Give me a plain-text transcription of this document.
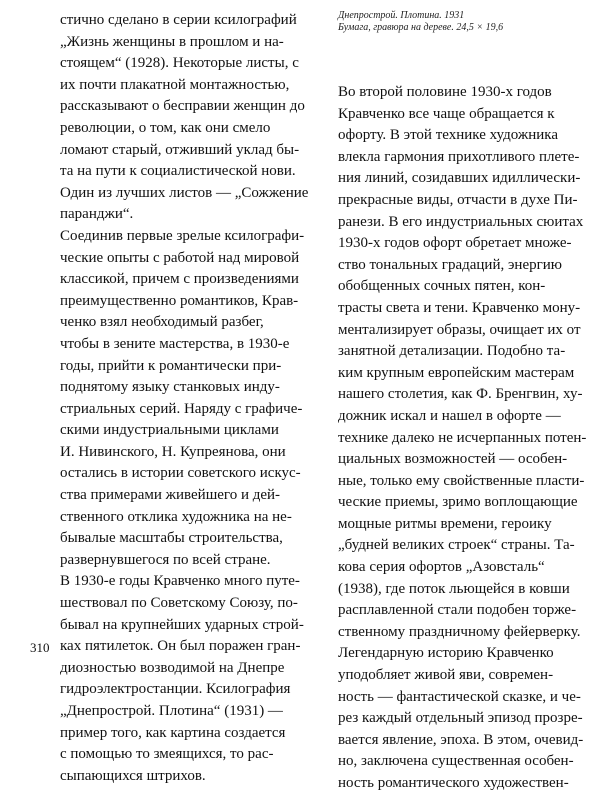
стично сделано в серии ксилографий
„Жизнь женщины в прошлом и на-
стоящем“ (1928). Некоторые листы, с
их почти плакатной монтажностью,
рассказывают о бесправии женщин до
революции, о том, как они смело
ломают старый, отживший уклад бы-
та на пути к социалистической нови.
Один из лучших листов — „Сожжение
паранджи“.
Соединив первые зрелые ксилографи-
ческие опыты с работой над мировой
классикой, причем с произведениями
преимущественно романтиков, Крав-
ченко взял необходимый разбег,
чтобы в зените мастерства, в 1930-е
годы, прийти к романтически при-
поднятому языку станковых инду-
стриальных серий. Наряду с графиче-
скими индустриальными циклами
И. Нивинского, Н. Купреянова, они
остались в истории советского искус-
ства примерами живейшего и дей-
ственного отклика художника на не-
бывалые масштабы строительства,
развернувшегося по всей стране.
В 1930-е годы Кравченко много путе-
шествовал по Советскому Союзу, по-
бывал на крупнейших ударных строй-
ках пятилеток. Он был поражен гран-
диозностью возводимой на Днепре
гидроэлектростанции. Ксилография
„Днепрострой. Плотина“ (1931) —
пример того, как картина создается
с помощью то змеящихся, то рас-
сыпающихся штрихов.
Днепрострой. Плотина. 1931
Бумага, гравюра на дереве. 24,5 × 19,6
Во второй половине 1930-х годов
Кравченко все чаще обращается к
офорту. В этой технике художника
влекла гармония прихотливого плете-
ния линий, созидавших идиллически-
прекрасные виды, отчасти в духе Пи-
ранези. В его индустриальных сюитах
1930-х годов офорт обретает множе-
ство тональных градаций, энергию
обобщенных сочных пятен, кон-
трасты света и тени. Кравченко мону-
ментализирует образы, очищает их от
занятной детализации. Подобно та-
ким крупным европейским мастерам
нашего столетия, как Ф. Бренгвин, ху-
дожник искал и нашел в офорте —
технике далеко не исчерпанных потен-
циальных возможностей — особен-
ные, только ему свойственные пласти-
ческие приемы, зримо воплощающие
мощные ритмы времени, героику
„будней великих строек“ страны. Та-
кова серия офортов „Азовсталь“
(1938), где поток льющейся в ковши
расплавленной стали подобен торже-
ственному праздничному фейерверку.
Легендарную историю Кравченко
уподобляет живой яви, современ-
ность — фантастической сказке, и че-
рез каждый отдельный эпизод прозре-
вается явление, эпоха. В этом, очевид-
но, заключена существенная особен-
ность романтического художествен-
310
